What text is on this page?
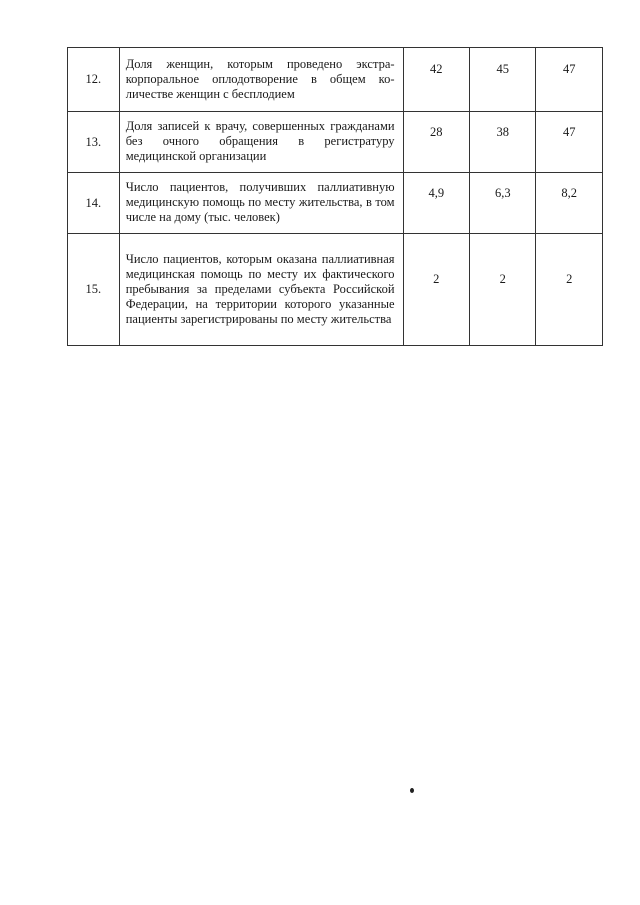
12.	Доля женщин, которым проведено экстракорпоральное оплодотворение в общем количестве женщин с бесплодием	42	45	47

13.	Доля записей к врачу, совершенных гражданами без очного обращения в регистратуру медицинской организации	28	38	47

14.	Число пациентов, получивших паллиативную медицинскую помощь по месту жительства, в том числе на дому (тыс. человек)	4,9	6,3	8,2

15.	Число пациентов, которым оказана паллиативная медицинская помощь по месту их фактического пребывания за пределами субъекта Российской Федерации, на территории которого указанные пациенты зарегистрированы по месту жительства	2	2	2
